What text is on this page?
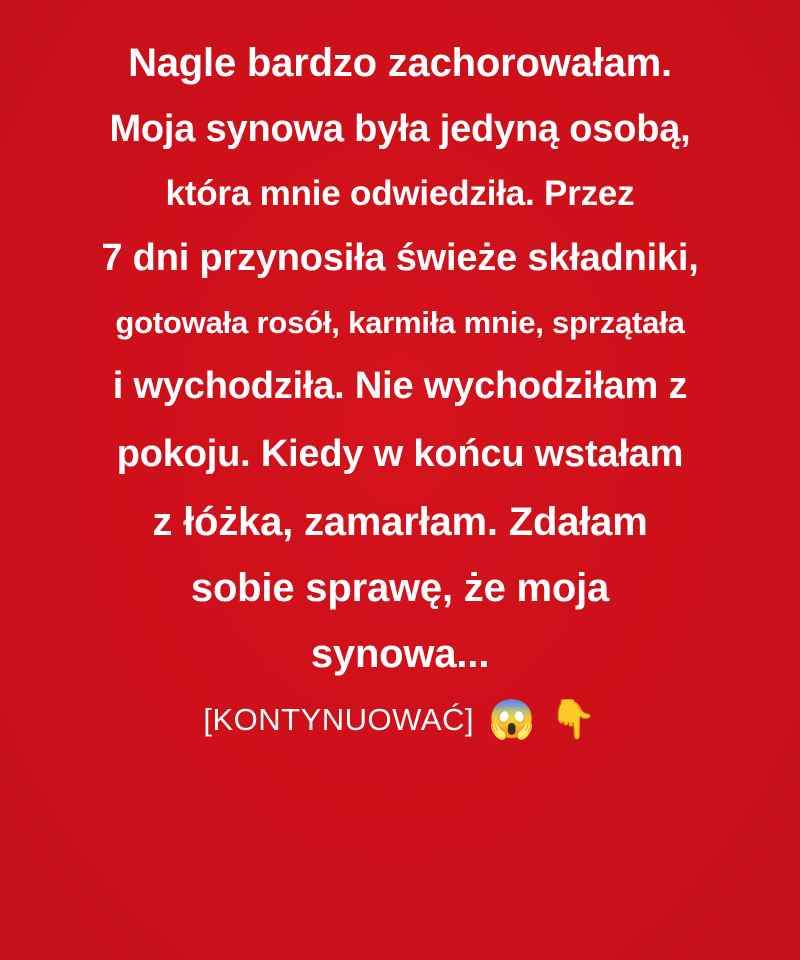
Nagle bardzo zachorowałam.
Moja synowa była jedyną osobą,
która mnie odwiedziła. Przez
7 dni przynosiła świeże składniki,
gotowała rosół, karmiła mnie, sprzątała
i wychodziła. Nie wychodziłam z
pokoju. Kiedy w końcu wstałam
z łóżka, zamarłam. Zdałam
sobie sprawę, że moja
synowa...
[KONTYNUOWAĆ] 😱 👇
